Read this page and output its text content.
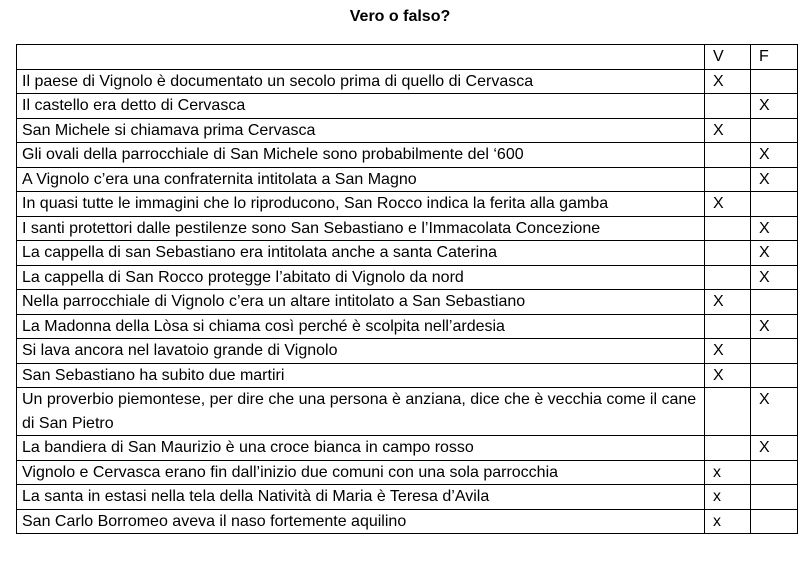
Vero o falso?
	V	F
Il paese di Vignolo è documentato un secolo prima di quello di Cervasca	X	
Il castello era detto di Cervasca		X
San Michele si chiamava prima Cervasca	X	
Gli ovali della parrocchiale di San Michele sono probabilmente del ‘600		X
A Vignolo c’era una confraternita intitolata a San Magno		X
In quasi tutte le immagini che lo riproducono, San Rocco indica la ferita alla gamba	X	
I santi protettori dalle pestilenze sono San Sebastiano e l’Immacolata Concezione		X
La cappella di san Sebastiano era intitolata anche a santa Caterina		X
La cappella di San Rocco protegge l’abitato di Vignolo da nord		X
Nella parrocchiale di Vignolo c’era un altare intitolato a San Sebastiano	X	
La Madonna della Lòsa si chiama così perché è scolpita nell’ardesia		X
Si lava ancora nel lavatoio grande di Vignolo	X	
San Sebastiano ha subito due martiri	X	
Un proverbio piemontese, per dire che una persona è anziana, dice che è vecchia come il cane di San Pietro		X
La bandiera di San Maurizio è una croce bianca in campo rosso		X
Vignolo e Cervasca erano fin dall’inizio due comuni con una sola parrocchia	x	
La santa in estasi nella tela della Natività di Maria è Teresa d’Avila	x	
San Carlo Borromeo aveva il naso fortemente aquilino	x	
